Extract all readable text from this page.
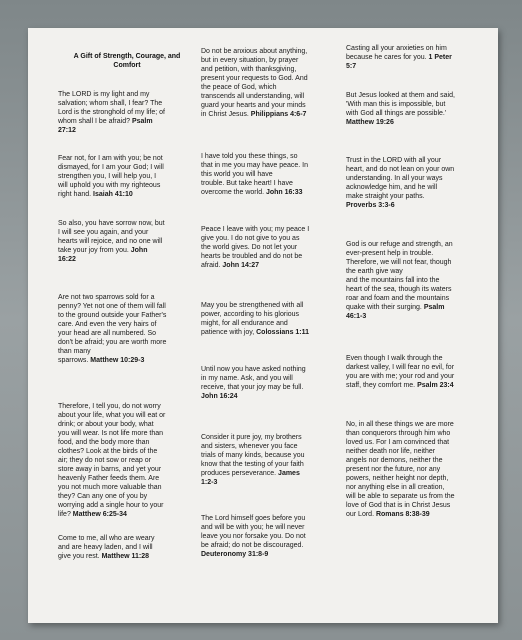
A Gift of Strength, Courage, and
Comfort
The LORD is my light and my
salvation; whom shall, I fear? The
Lord is the stronghold of my life; of
whom shall I be afraid? Psalm
27:12
Fear not, for I am with you; be not
dismayed, for I am your God; I will
strengthen you, I will help you, I
will uphold you with my righteous
right hand. Isaiah 41:10
So also, you have sorrow now, but
I will see you again, and your
hearts will rejoice, and no one will
take your joy from you. John
16:22
Are not two sparrows sold for a
penny? Yet not one of them will fall
to the ground outside your Father's
care. And even the very hairs of
your head are all numbered. So
don't be afraid; you are worth more
than many
sparrows. Matthew 10:29-3
Therefore, I tell you, do not worry
about your life, what you will eat or
drink; or about your body, what
you will wear. Is not life more than
food, and the body more than
clothes? Look at the birds of the
air; they do not sow or reap or
store away in barns, and yet your
heavenly Father feeds them. Are
you not much more valuable than
they? Can any one of you by
worrying add a single hour to your
life? Matthew 6:25-34
Come to me, all who are weary
and are heavy laden, and I will
give you rest. Matthew 11:28
Do not be anxious about anything,
but in every situation, by prayer
and petition, with thanksgiving,
present your requests to God. And
the peace of God, which
transcends all understanding, will
guard your hearts and your minds
in Christ Jesus. Philippians 4:6-7
I have told you these things, so
that in me you may have peace. In
this world you will have
trouble. But take heart! I have
overcome the world. John 16:33
Peace I leave with you; my peace I
give you. I do not give to you as
the world gives. Do not let your
hearts be troubled and do not be
afraid. John 14:27
May you be strengthened with all
power, according to his glorious
might, for all endurance and
patience with joy, Colossians 1:11
Until now you have asked nothing
in my name. Ask, and you will
receive, that your joy may be full.
John 16:24
Consider it pure joy, my brothers
and sisters, whenever you face
trials of many kinds, because you
know that the testing of your faith
produces perseverance. James
1:2-3
The Lord himself goes before you
and will be with you; he will never
leave you nor forsake you. Do not
be afraid; do not be discouraged.
Deuteronomy 31:8-9
Casting all your anxieties on him
because he cares for you. 1 Peter
5:7
But Jesus looked at them and said,
'With man this is impossible, but
with God all things are possible.'
Matthew 19:26
Trust in the LORD with all your
heart, and do not lean on your own
understanding. In all your ways
acknowledge him, and he will
make straight your paths.
Proverbs 3:3-6
God is our refuge and strength, an
ever-present help in trouble.
Therefore, we will not fear, though
the earth give way
and the mountains fall into the
heart of the sea, though its waters
roar and foam and the mountains
quake with their surging. Psalm
46:1-3
Even though I walk through the
darkest valley, I will fear no evil, for
you are with me; your rod and your
staff, they comfort me. Psalm 23:4
No, in all these things we are more
than conquerors through him who
loved us. For I am convinced that
neither death nor life, neither
angels nor demons, neither the
present nor the future, nor any
powers, neither height nor depth,
nor anything else in all creation,
will be able to separate us from the
love of God that is in Christ Jesus
our Lord. Romans 8:38-39
